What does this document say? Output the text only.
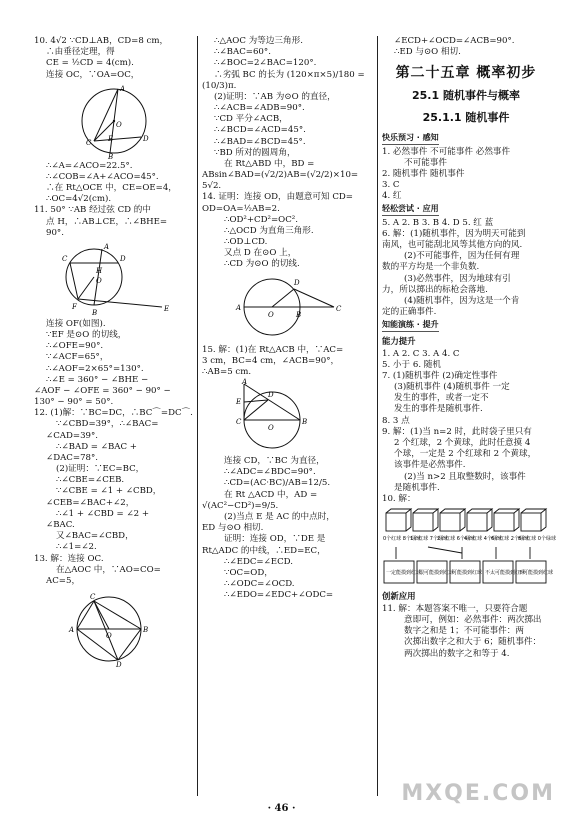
10. 4√2 ∵CD⊥AB，CD=8 cm，
∴由垂径定理，得
CE = ½CD = 4(cm).
连接 OC，∵OA=OC，
A
O
E
C	D
B
∴∠A=∠ACO=22.5°.
∴∠COB=∠A+∠ACO=45°.
∴在 Rt△OCE 中，CE=OE=4，
∴OC=4√2(cm).
11. 50° ∵AB 经过弦 CD 的中
点 H，∴AB⊥CE，∴∠BHE=
90°.
C	D
A
H
O
F
B	E
连接 OF(如图).
∵EF 是⊙O 的切线，
∴∠OFE=90°.
∵∠ACF=65°，
∴∠AOF=2×65°=130°.
∴∠E = 360° − ∠BHE −
∠AOF − ∠OFE = 360° − 90° −
130° − 90° = 50°.
12. (1)解：∵BC=DC，∴BC⌒=DC⌒.
∵∠CBD=39°，∴∠BAC=
∠CAD=39°.
∴∠BAD = ∠BAC +
∠DAC=78°.
(2)证明：∵EC=BC，
∴∠CBE=∠CEB.
∵∠CBE = ∠1 + ∠CBD，
∠CEB=∠BAC+∠2，
∴∠1 + ∠CBD = ∠2 +
∠BAC.
又∠BAC=∠CBD，
∴∠1=∠2.
13. 解：连接 OC.
在△AOC 中，∵AO=CO=
AC=5，
C
A
O
B
D
∴△AOC 为等边三角形.
∴∠BAC=60°.
∴∠BOC=2∠BAC=120°.
∴劣弧 BC 的长为 (120×π×5)/180 =
(10/3)π.
(2)证明：∵AB 为⊙O 的直径，
∴∠ACB=∠ADB=90°.
∵CD 平分∠ACB，
∴∠BCD=∠ACD=45°.
∴∠BAD=∠BCD=45°.
∵BD 所对的圆周角，
在 Rt△ABD 中，BD =
ABsin∠BAD=(√2/2)AB=(√2/2)×10=
5√2.
14. 证明：连接 OD，由题意可知 CD=
OD=OA=½AB=2.
∴OD²+CD²=OC².
∴△OCD 为直角三角形.
∴OD⊥CD.
又点 D 在⊙O 上，
∴CD 为⊙O 的切线.
A
O	B
D
C
15. 解：(1)在 Rt△ACB 中，∵AC=
3 cm，BC=4 cm，∠ACB=90°，
∴AB=5 cm.
A
E
D
C
O
B
连接 CD，∵BC 为直径，
∴∠ADC=∠BDC=90°.
∴CD=(AC·BC)/AB=12/5.
在 Rt △ACD 中，AD =
√(AC²−CD²)=9/5.
(2)当点 E 是 AC 的中点时，
ED 与⊙O 相切.
证明：连接 OD，∵DE 是
Rt△ADC 的中线，∴ED=EC，
∴∠EDC=∠ECD.
∵OC=OD，
∴∠ODC=∠OCD.
∴∠EDO=∠EDC+∠ODC=
∠ECD+∠OCD=∠ACB=90°.
∴ED 与⊙O 相切.
第二十五章 概率初步
25.1 随机事件与概率
25.1.1 随机事件
快乐预习 · 感知
1. 必然事件 不可能事件 必然事件
不可能事件
2. 随机事件 随机事件
3. C
4. 红
轻松尝试 · 应用
5. A 2. B 3. B 4. D 5. 红 蓝
6. 解：(1)随机事件，因为明天可能到
南风，也可能刮北风等其他方向的风.
(2)不可能事件，因为任何有理
数的平方均是一个非负数.
(3)必然事件，因为地球有引
力，所以掷出的标枪会落地.
(4)随机事件，因为这是一个肯
定的正确事件.
知能演练 · 提升
能力提升
1. A 2. C 3. A 4. C
5. 小于 6. 随机
7. (1)随机事件 (2)确定性事件
(3)随机事件 (4)随机事件 一定
发生的事件，或者一定不
发生的事件是随机事件.
8. 3 点
9. 解：(1)当 n=2 时，此时袋子里只有
2 个红球，2 个黄球，此时任意摸 4
个球，一定是 2 个红球和 2 个黄球，
该事件是必然事件.
(2)当 n>2 且取整数时，该事件
是随机事件.
10. 解：
0个红球 8个绿球
1个红球 7个绿球
2个红球 6个绿球
4个红球 4个绿球
6个红球 2个绿球
8个红球 0个绿球
一定能摸到红球
很可能摸到红球
可能摸到红球 不太可能摸到红球
不可能摸到红球
创新应用
11. 解：本题答案不唯一，只要符合题
意即可，例如：必然事件：两次掷出
数字之和是 1；不可能事件：两
次掷出数字之和大于 6；随机事件：
两次掷出的数字之和等于 4.
· 46 ·
MXQE.COM
